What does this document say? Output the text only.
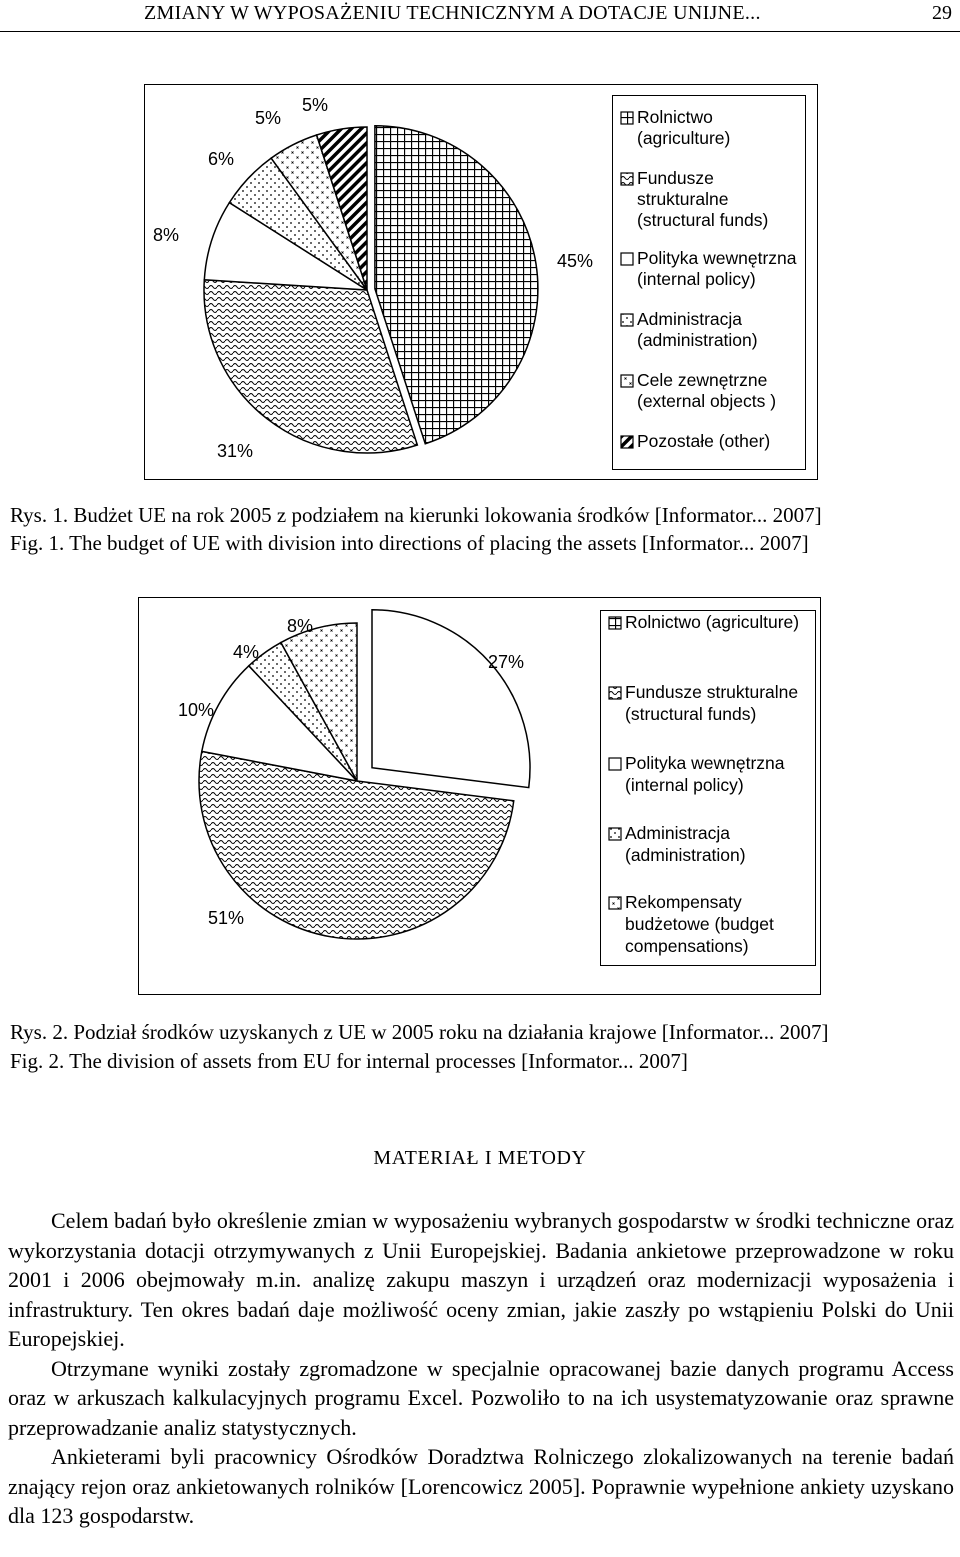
ZMIANY W WYPOSAŻENIU TECHNICZNYM A DOTACJE UNIJNE...	29
45%
31%
8%
6%
5%
5%
Rolnictwo
(agriculture)
Fundusze
strukturalne
(structural funds)
Polityka wewnętrzna
(internal policy)
Administracja
(administration)
Cele zewnętrzne
(external objects )
Pozostałe (other)
Rys. 1. Budżet UE na rok 2005 z podziałem na kierunki lokowania środków [Informator... 2007]
Fig. 1. The budget of UE with division into directions of placing the assets [Informator... 2007]
27%
51%
10%
4%
8%	Rolnictwo (agriculture)
Fundusze strukturalne
(structural funds)
Polityka wewnętrzna
(internal policy)
Administracja
(administration)
Rekompensaty
budżetowe (budget
compensations)
Rys. 2. Podział środków uzyskanych z UE w 2005 roku na działania krajowe [Informator... 2007]
Fig. 2. The division of assets from EU for internal processes [Informator... 2007]
MATERIAŁ I METODY

Celem badań było określenie zmian w wyposażeniu wybranych gospodarstw w środki techniczne oraz wykorzystania dotacji otrzymywanych z Unii Europejskiej. Badania ankietowe przeprowadzone w roku 2001 i 2006 obejmowały m.in. analizę zakupu maszyn i urządzeń oraz modernizacji wyposażenia i infrastruktury. Ten okres badań daje możliwość oceny zmian, jakie zaszły po wstąpieniu Polski do Unii Europejskiej.

Otrzymane wyniki zostały zgromadzone w specjalnie opracowanej bazie danych programu Access oraz w arkuszach kalkulacyjnych programu Excel. Pozwoliło to na ich usystematyzowanie oraz sprawne przeprowadzanie analiz statystycznych.

Ankieterami byli pracownicy Ośrodków Doradztwa Rolniczego zlokalizowanych na terenie badań znający rejon oraz ankietowanych rolników [Lorencowicz 2005]. Poprawnie wypełnione ankiety uzyskano dla 123 gospodarstw.
